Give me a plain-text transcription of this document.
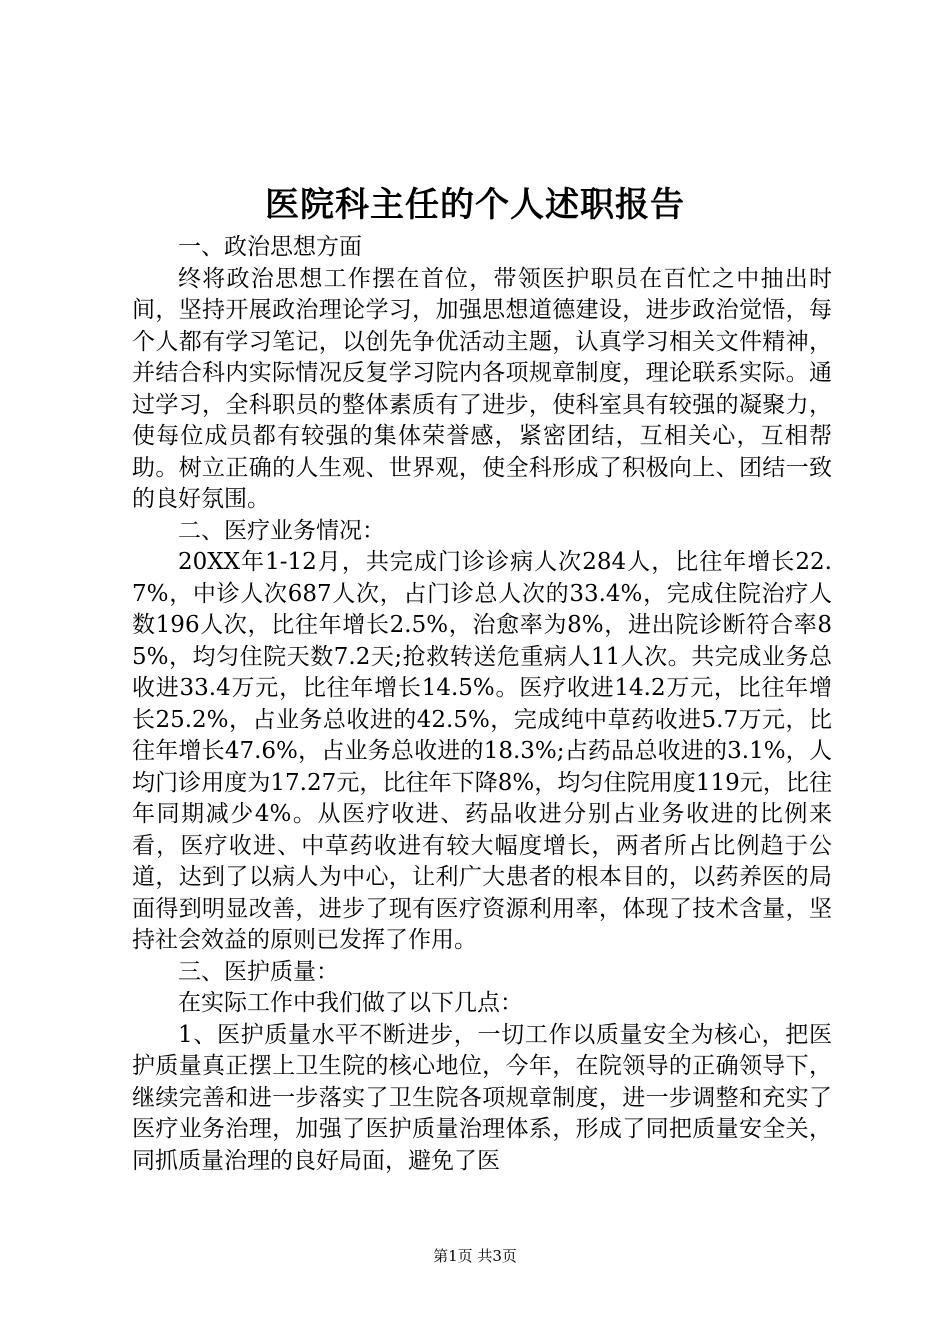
医院科主任的个人述职报告

一、政治思想方面

终将政治思想工作摆在首位，带领医护职员在百忙之中抽出时间，坚持开展政治理论学习，加强思想道德建设，进步政治觉悟，每个人都有学习笔记，以创先争优活动主题，认真学习相关文件精神，并结合科内实际情况反复学习院内各项规章制度，理论联系实际。通过学习，全科职员的整体素质有了进步，使科室具有较强的凝聚力，使每位成员都有较强的集体荣誉感，紧密团结，互相关心，互相帮助。树立正确的人生观、世界观，使全科形成了积极向上、团结一致的良好氛围。

二、医疗业务情况：

20XX年1-12月，共完成门诊诊病人次284人，比往年增长22.7%，中诊人次687人次，占门诊总人次的33.4%，完成住院治疗人数196人次，比往年增长2.5%，治愈率为8%，进出院诊断符合率85%，均匀住院天数7.2天;抢救转送危重病人11人次。共完成业务总收进33.4万元，比往年增长14.5%。医疗收进14.2万元，比往年增长25.2%，占业务总收进的42.5%，完成纯中草药收进5.7万元，比往年增长47.6%，占业务总收进的18.3%;占药品总收进的3.1%，人均门诊用度为17.27元，比往年下降8%，均匀住院用度119元，比往年同期减少4%。从医疗收进、药品收进分别占业务收进的比例来看，医疗收进、中草药收进有较大幅度增长，两者所占比例趋于公道，达到了以病人为中心，让利广大患者的根本目的，以药养医的局面得到明显改善，进步了现有医疗资源利用率，体现了技术含量，坚持社会效益的原则已发挥了作用。

三、医护质量：

在实际工作中我们做了以下几点：

1、医护质量水平不断进步，一切工作以质量安全为核心，把医护质量真正摆上卫生院的核心地位，今年，在院领导的正确领导下，继续完善和进一步落实了卫生院各项规章制度，进一步调整和充实了医疗业务治理，加强了医护质量治理体系，形成了同把质量安全关，同抓质量治理的良好局面，避免了医

第1页 共3页
